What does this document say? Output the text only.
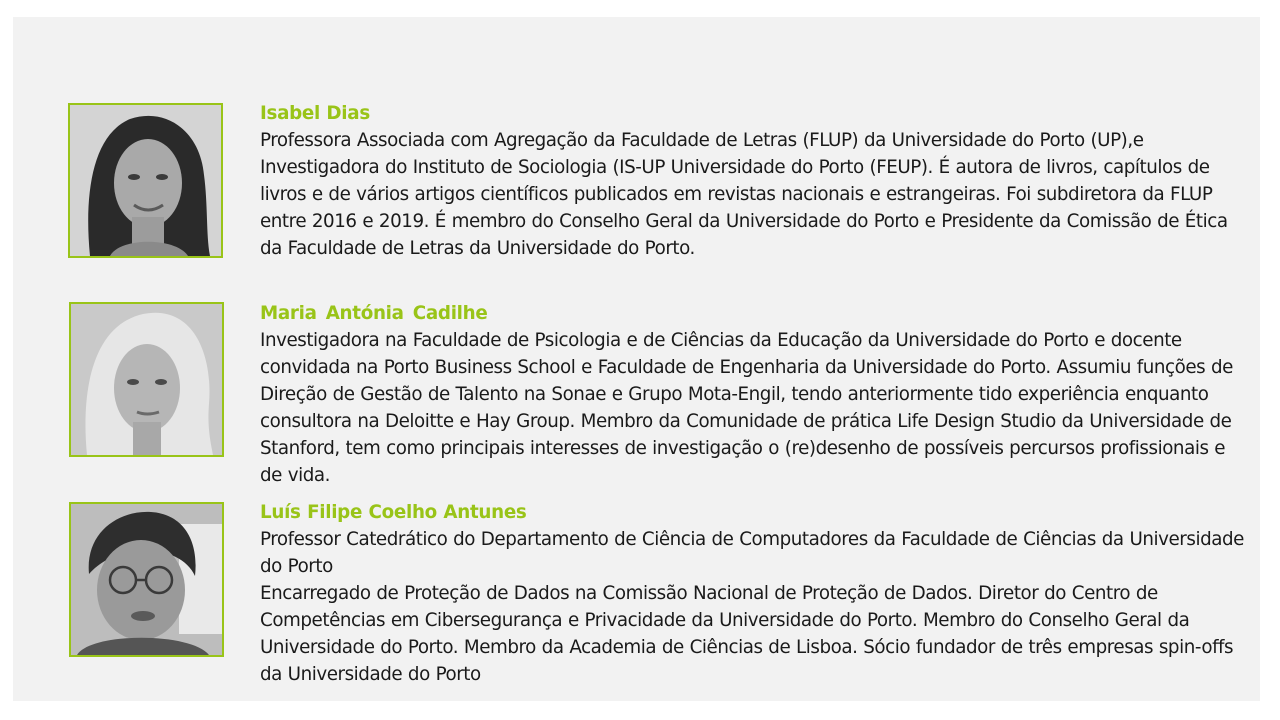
Isabel Dias

Professora Associada com Agregação da Faculdade de Letras (FLUP) da Universidade do Porto (UP),e Investigadora do Instituto de Sociologia (IS-UP Universidade do Porto (FEUP). É autora de livros, capítulos de livros e de vários artigos científicos publicados em revistas nacionais e estrangeiras. Foi subdiretora da FLUP entre 2016 e 2019. É membro do Conselho Geral da Universidade do Porto e Presidente da Comissão de Ética da Faculdade de Letras da Universidade do Porto.

Maria Antónia Cadilhe

Investigadora na Faculdade de Psicologia e de Ciências da Educação da Universidade do Porto e docente convidada na Porto Business School e Faculdade de Engenharia da Universidade do Porto. Assumiu funções de Direção de Gestão de Talento na Sonae e Grupo Mota-Engil, tendo anteriormente tido experiência enquanto consultora na Deloitte e Hay Group. Membro da Comunidade de prática Life Design Studio da Universidade de Stanford, tem como principais interesses de investigação o (re)desenho de possíveis percursos profissionais e de vida.

Luís Filipe Coelho Antunes

Professor Catedrático do Departamento de Ciência de Computadores da Faculdade de Ciências da Universidade do Porto

Encarregado de Proteção de Dados na Comissão Nacional de Proteção de Dados. Diretor do Centro de Competências em Cibersegurança e Privacidade da Universidade do Porto. Membro do Conselho Geral da Universidade do Porto. Membro da Academia de Ciências de Lisboa. Sócio fundador de três empresas spin-offs da Universidade do Porto
